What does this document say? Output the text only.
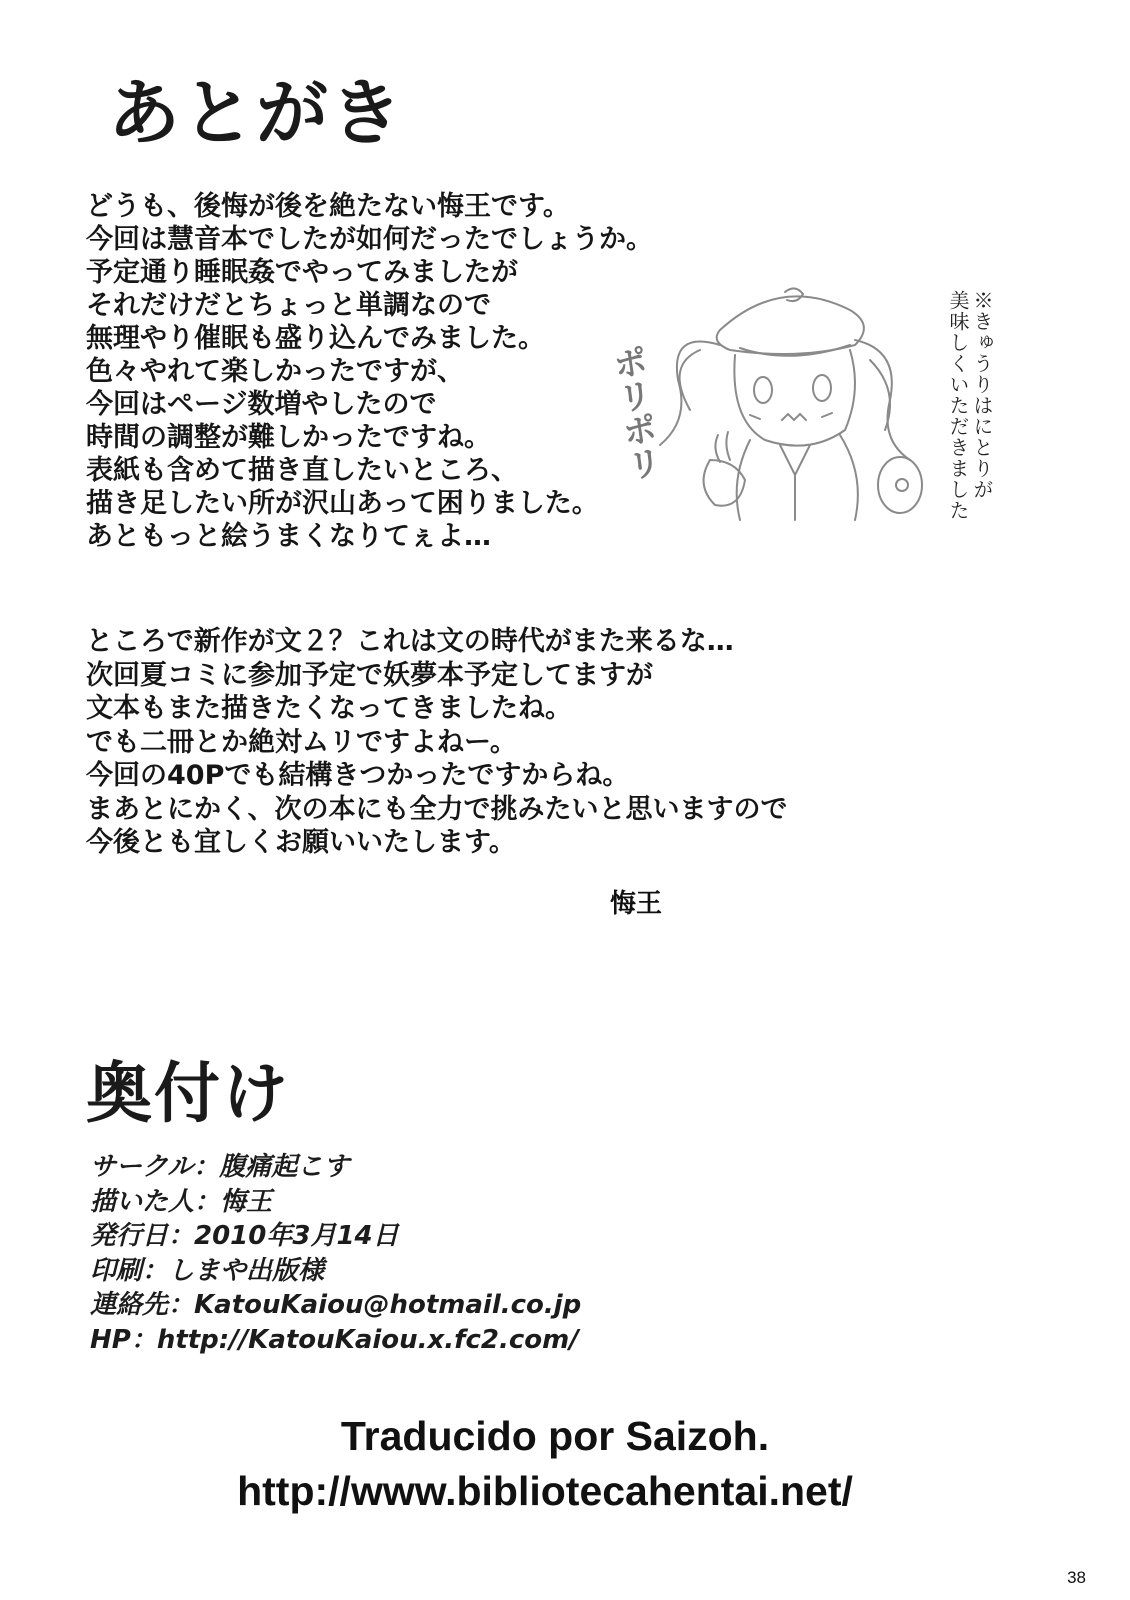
あとがき

どうも、後悔が後を絶たない悔王です。

今回は慧音本でしたが如何だったでしょうか。

予定通り睡眠姦でやってみましたが

それだけだとちょっと単調なので

無理やり催眠も盛り込んでみました。

色々やれて楽しかったですが、

今回はページ数増やしたので

時間の調整が難しかったですね。

表紙も含めて描き直したいところ、

描き足したい所が沢山あって困りました。

あともっと絵うまくなりてぇよ…

ポリポリ	※きゅうりはにとりが
美味しくいただきました

ところで新作が文２？これは文の時代がまた来るな…

次回夏コミに参加予定で妖夢本予定してますが

文本もまた描きたくなってきましたね。

でも二冊とか絶対ムリですよねー。

今回の40Pでも結構きつかったですからね。

まあとにかく、次の本にも全力で挑みたいと思いますので

今後とも宜しくお願いいたします。

悔王
奥付け

サークル：腹痛起こす

描いた人：悔王

発行日：2010年3月14日

印刷：しまや出版様

連絡先：KatouKaiou@hotmail.co.jp

HP：http://KatouKaiou.x.fc2.com/

Traducido por Saizoh.
http://www.bibliotecahentai.net/
38
